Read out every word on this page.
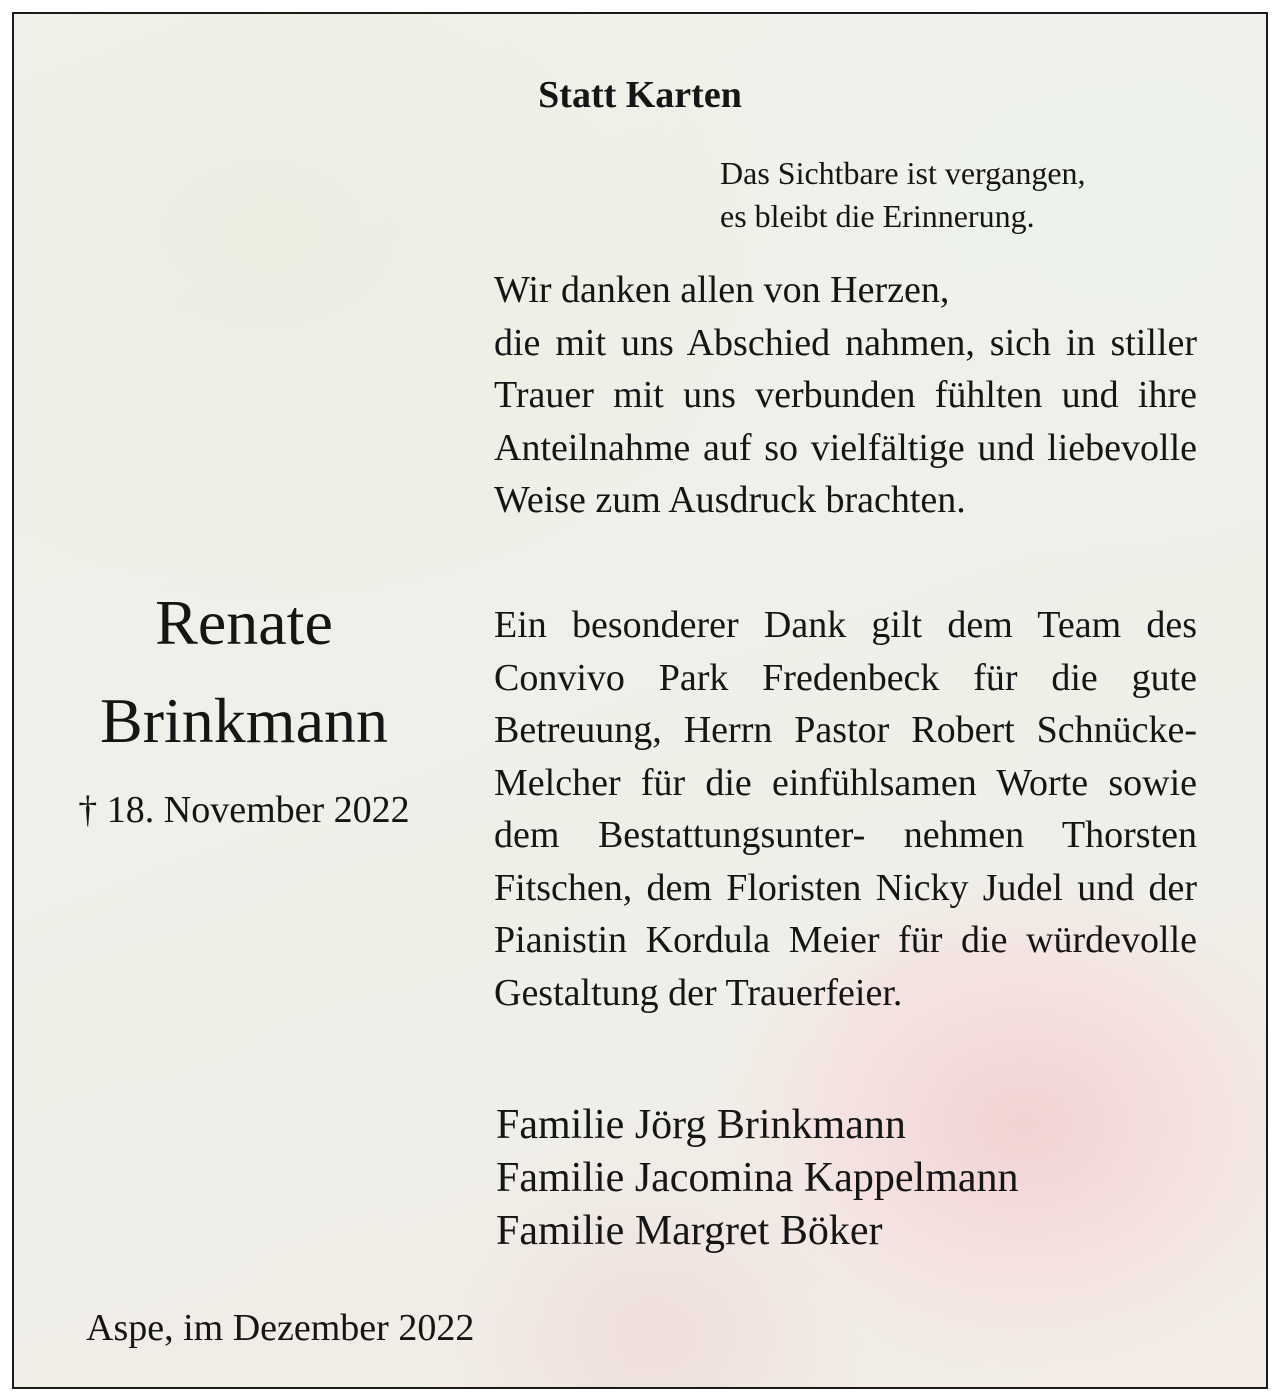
Statt Karten
Das Sichtbare ist vergangen,
es bleibt die Erinnerung.
Wir danken allen von Herzen,
die mit uns Abschied nahmen, sich in stiller Trauer mit uns verbunden fühlten und ihre Anteilnahme auf so vielfältige und liebevolle Weise zum Ausdruck brachten.
Ein besonderer Dank gilt dem Team des Convivo Park Fredenbeck für die gute Betreuung, Herrn Pastor Robert Schnücke-Melcher für die einfühlsamen Worte sowie dem Bestattungsunter- nehmen Thorsten Fitschen, dem Floristen Nicky Judel und der Pianistin Kordula Meier für die würdevolle Gestaltung der Trauerfeier.
Renate
Brinkmann
† 18. November 2022
Familie Jörg Brinkmann
Familie Jacomina Kappelmann
Familie Margret Böker
Aspe, im Dezember 2022
